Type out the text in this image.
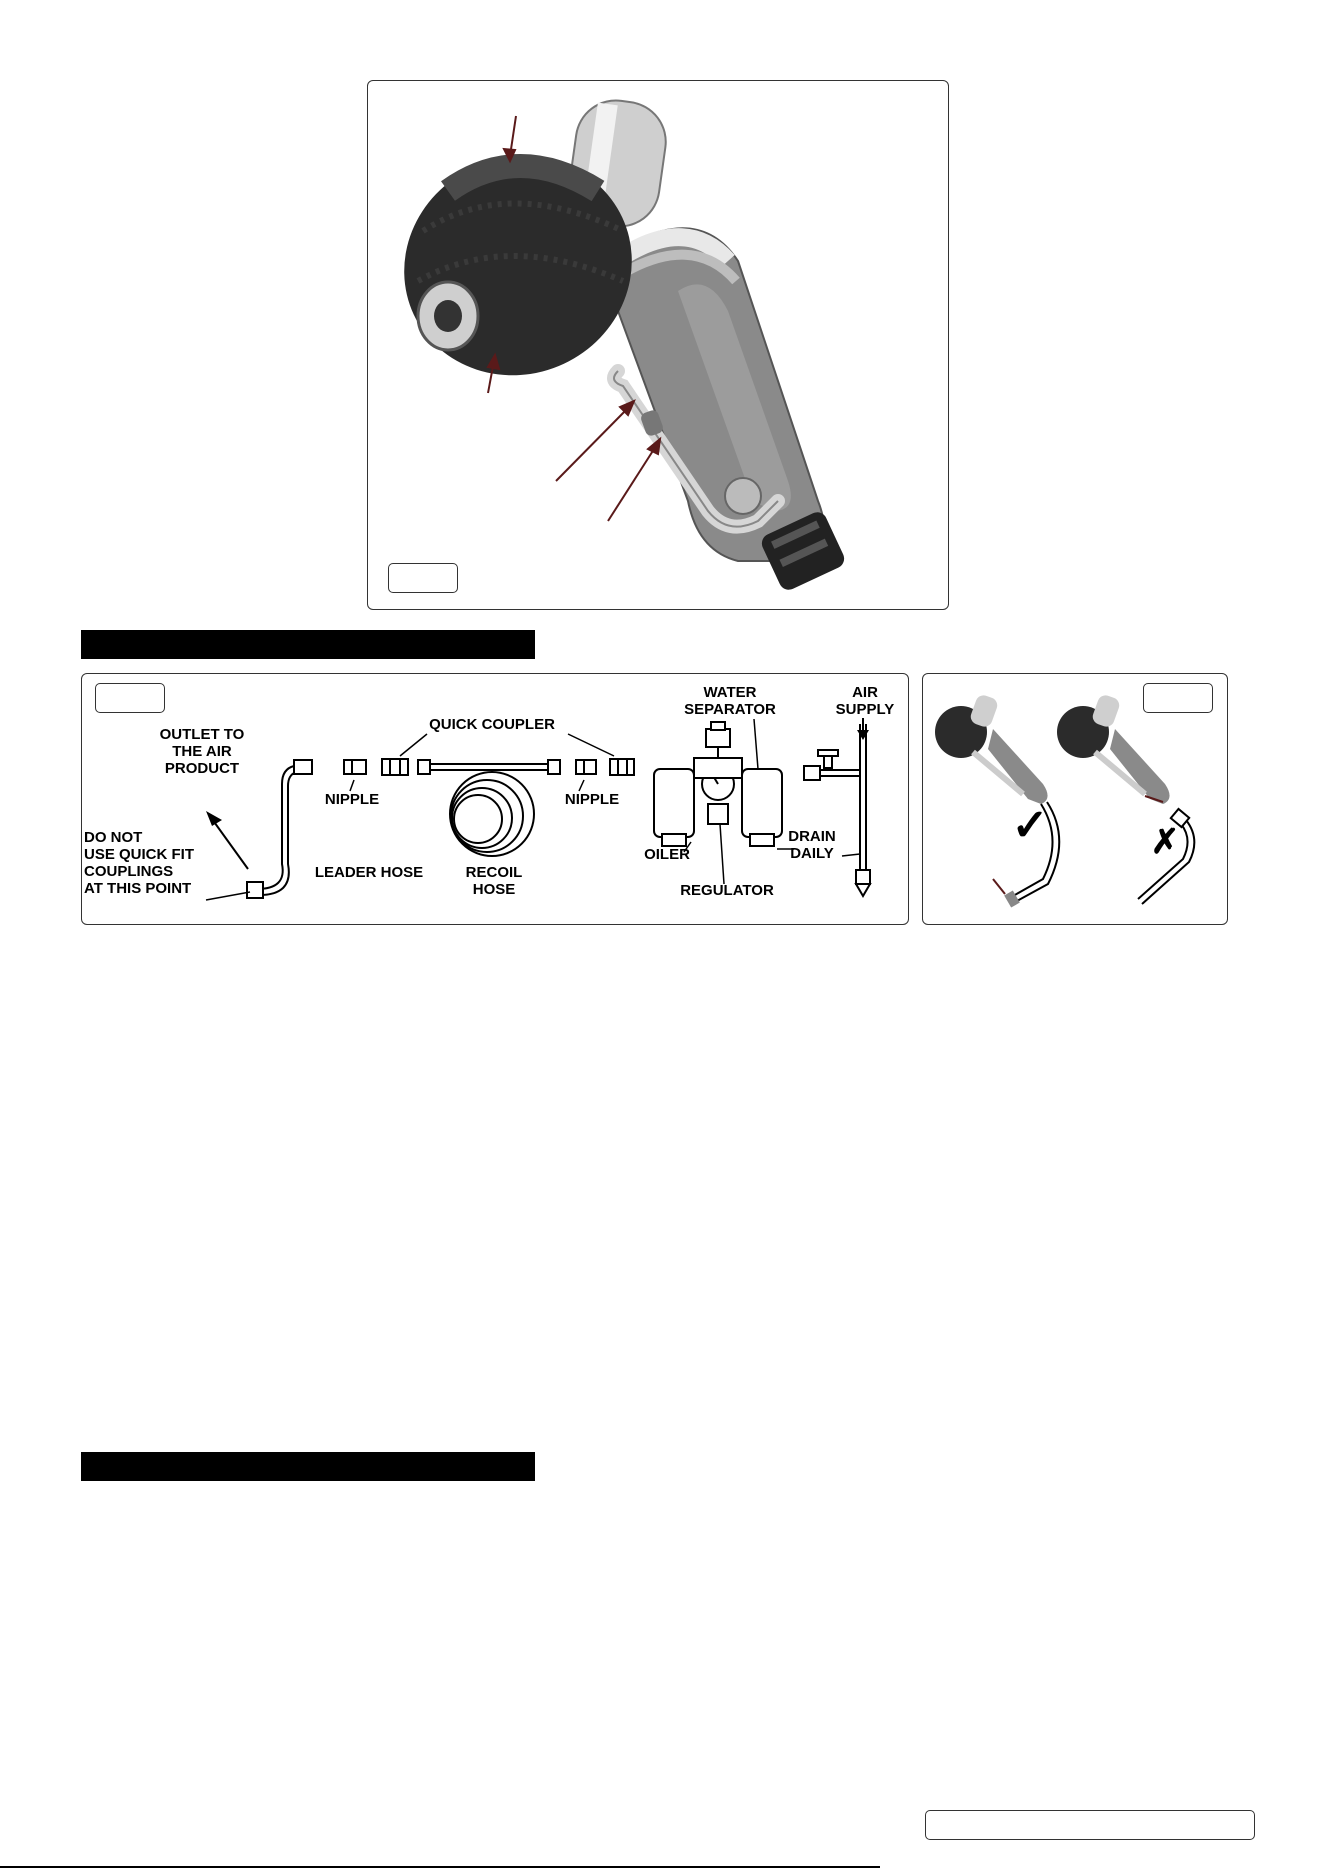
OUTLET TO
THE AIR
PRODUCT
DO NOT
USE QUICK FIT
COUPLINGS
AT THIS POINT
NIPPLE
LEADER HOSE
QUICK COUPLER
RECOIL
HOSE
NIPPLE
WATER
SEPARATOR
OILER
REGULATOR
DRAIN
DAILY
AIR
SUPPLY
✓	✗
